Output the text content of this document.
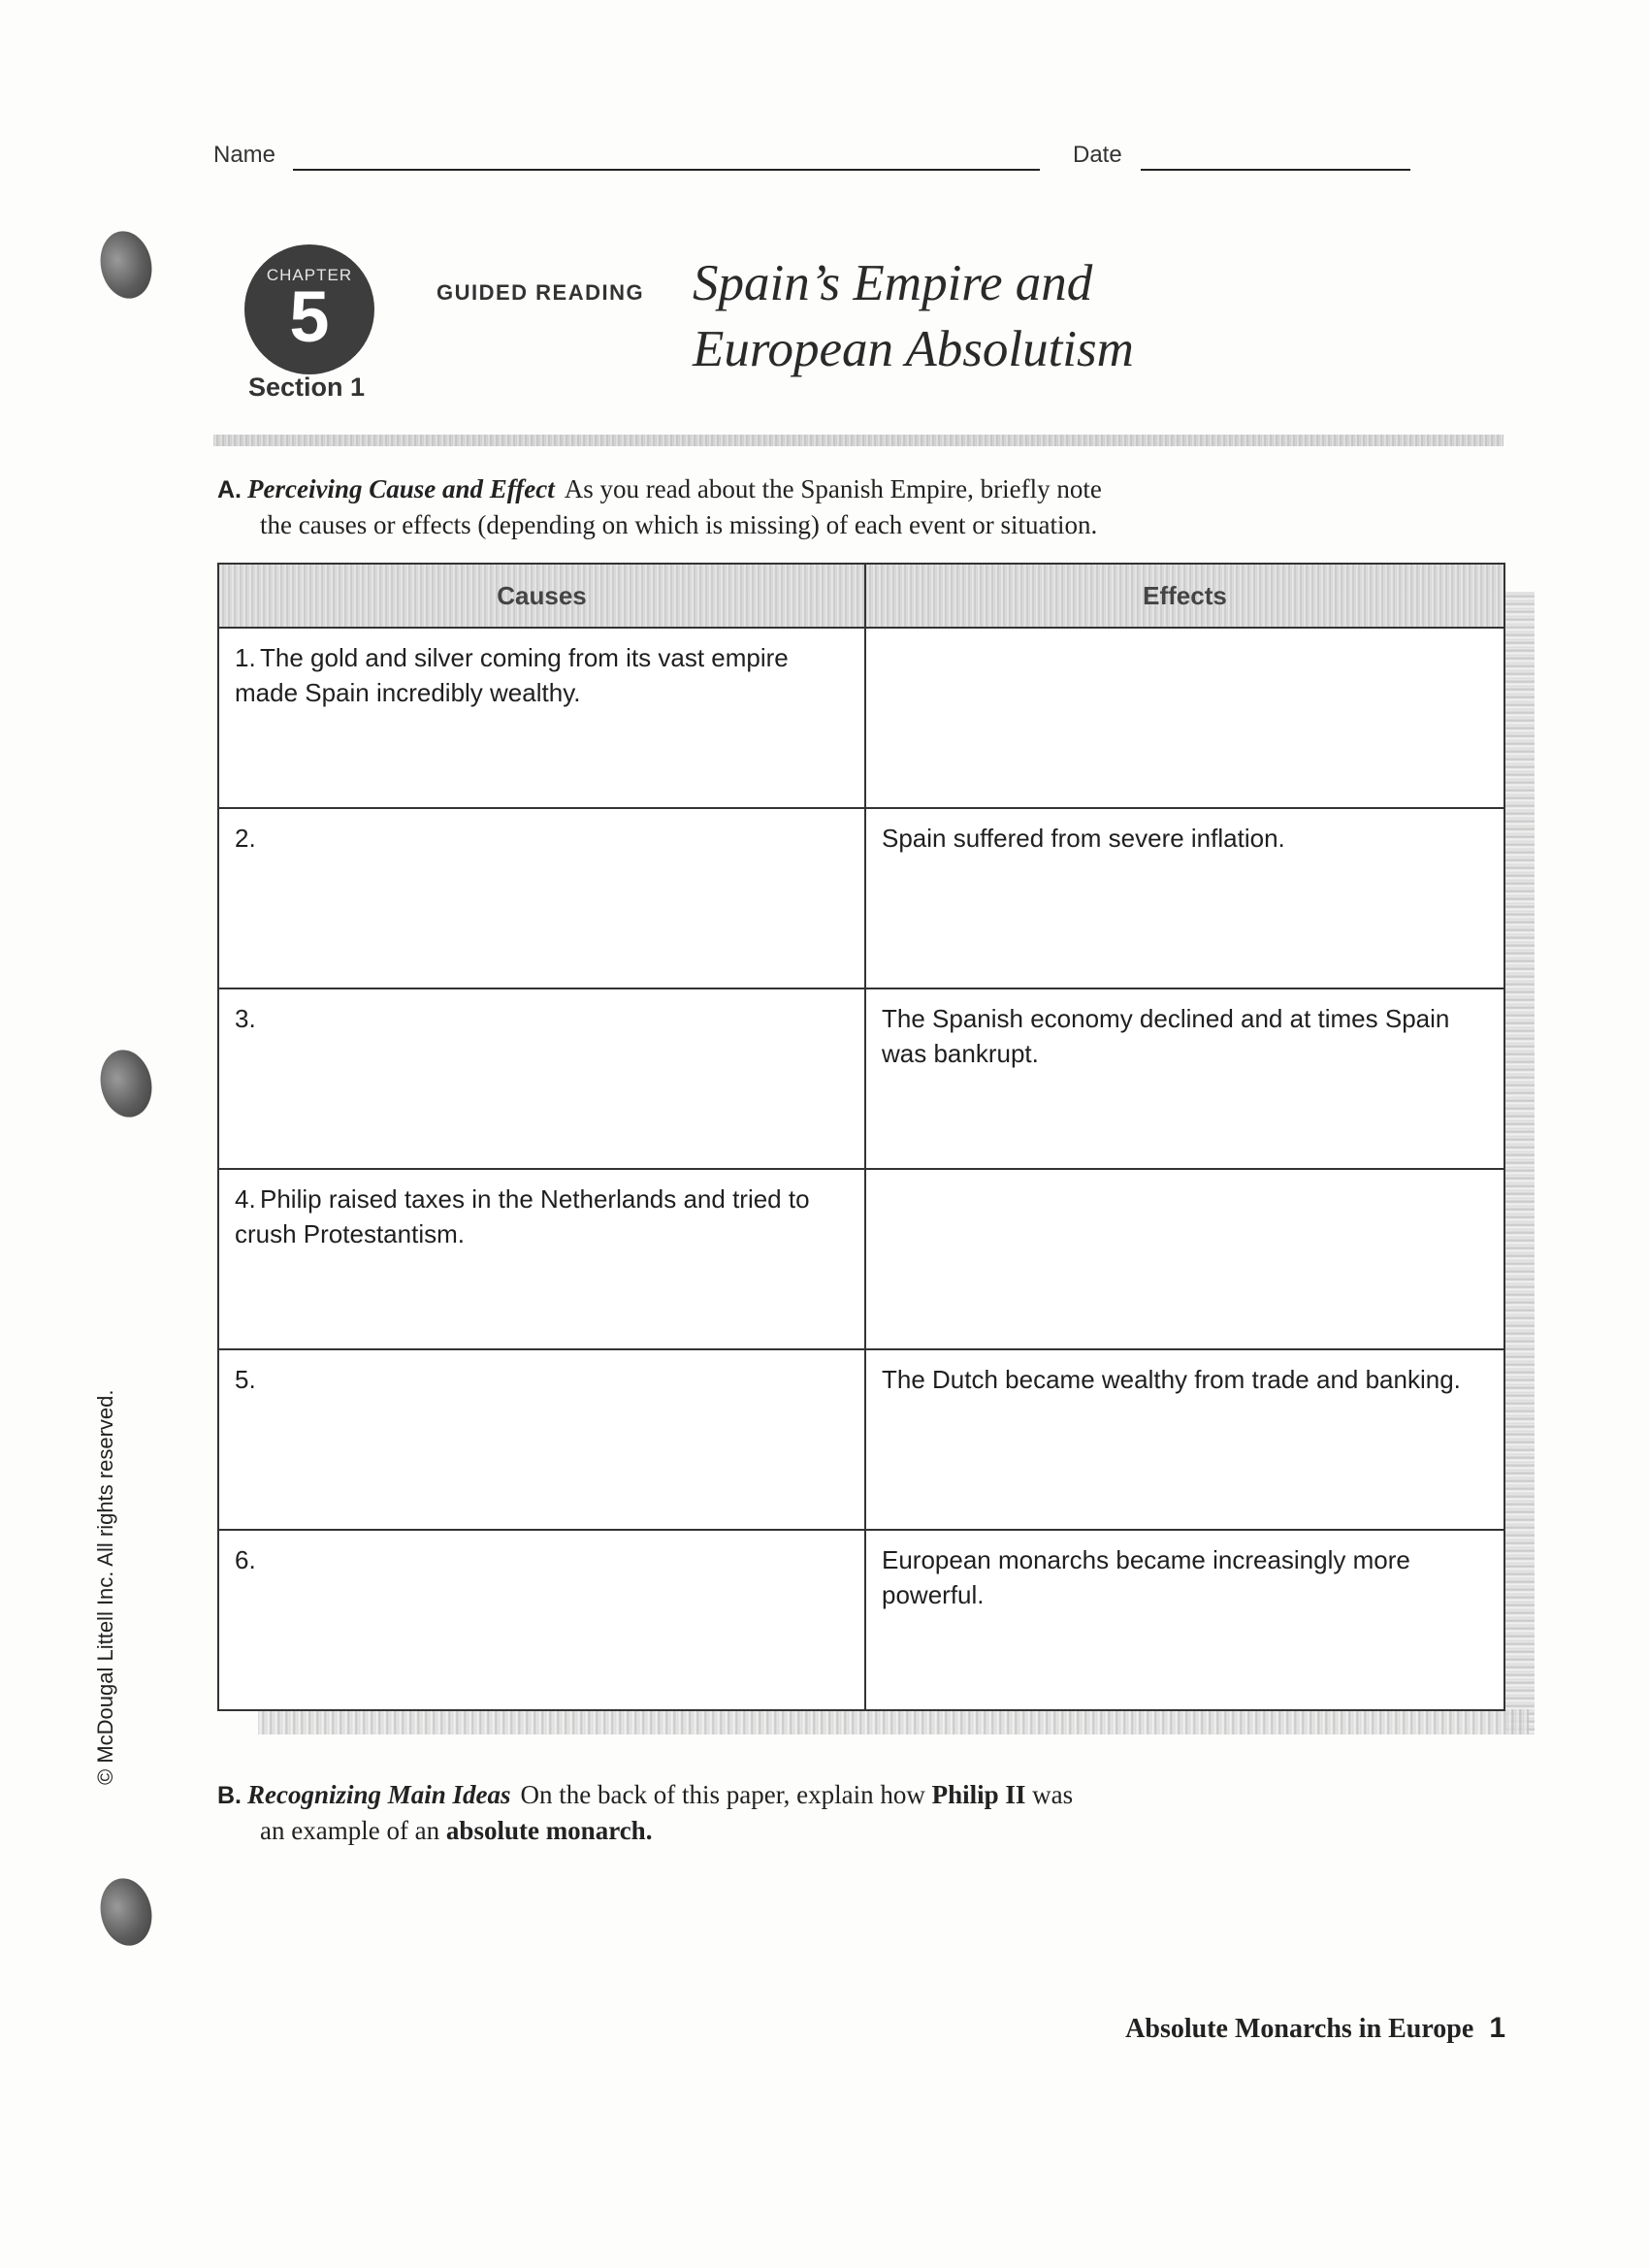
Name	Date
CHAPTER
5
Section 1
GUIDED READING Spain’s Empire and
European Absolutism
A. Perceiving Cause and Effect As you read about the Spanish Empire, briefly note
the causes or effects (depending on which is missing) of each event or situation.
Causes	Effects
1. The gold and silver coming from its vast empire made Spain incredibly wealthy.	
2.	Spain suffered from severe inflation.
3.	The Spanish economy declined and at times Spain was bankrupt.
4. Philip raised taxes in the Netherlands and tried to crush Protestantism.	
5.	The Dutch became wealthy from trade and banking.
6.	European monarchs became increasingly more powerful.
B. Recognizing Main Ideas On the back of this paper, explain how Philip II was
an example of an absolute monarch.
Absolute Monarchs in Europe 1
© McDougal Littell Inc. All rights reserved.
